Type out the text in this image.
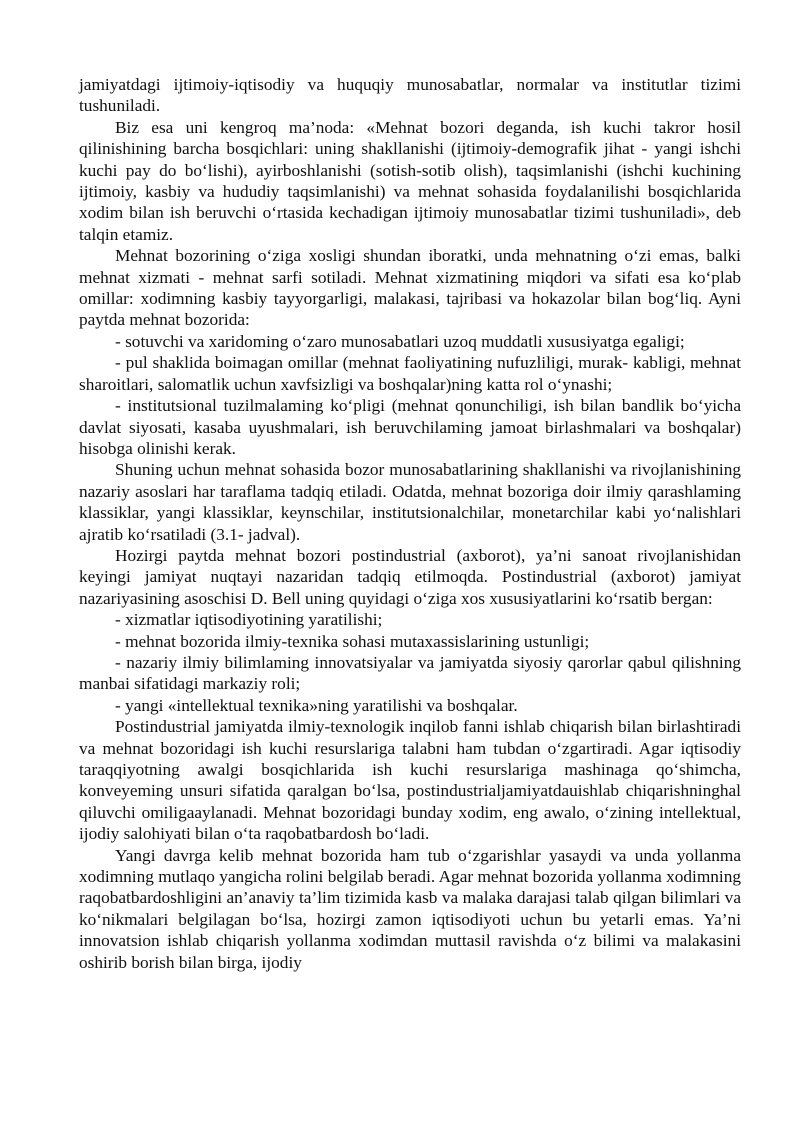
jamiyatdagi ijtimoiy-iqtisodiy va huquqiy munosabatlar, normalar va institutlar tizimi tushuniladi.

Biz esa uni kengroq ma’noda: «Mehnat bozori deganda, ish kuchi takror hosil qilinishining barcha bosqichlari: uning shakllanishi (ijtimoiy-demografik jihat - yangi ishchi kuchi pay do bo‘lishi), ayirboshlanishi (sotish-sotib olish), taqsimlanishi (ishchi kuchining ijtimoiy, kasbiy va hududiy taqsimlanishi) va mehnat sohasida foydalanilishi bosqichlarida xodim bilan ish beruvchi o‘rtasida kechadigan ijtimoiy munosabatlar tizimi tushuniladi», deb talqin etamiz.

Mehnat bozorining o‘ziga xosligi shundan iboratki, unda mehnatning o‘zi emas, balki mehnat xizmati - mehnat sarfi sotiladi. Mehnat xizmatining miqdori va sifati esa ko‘plab omillar: xodimning kasbiy tayyorgarligi, malakasi, tajribasi va hokazolar bilan bog‘liq. Ayni paytda mehnat bozorida:

- sotuvchi va xaridoming o‘zaro munosabatlari uzoq muddatli xususiyatga egaligi;

- pul shaklida boimagan omillar (mehnat faoliyatining nufuzliligi, murak- kabligi, mehnat sharoitlari, salomatlik uchun xavfsizligi va boshqalar)ning katta rol o‘ynashi;

- institutsional tuzilmalaming ko‘pligi (mehnat qonunchiligi, ish bilan bandlik bo‘yicha davlat siyosati, kasaba uyushmalari, ish beruvchilaming jamoat birlashmalari va boshqalar) hisobga olinishi kerak.

Shuning uchun mehnat sohasida bozor munosabatlarining shakllanishi va rivojlanishining nazariy asoslari har taraflama tadqiq etiladi. Odatda, mehnat bozoriga doir ilmiy qarashlaming klassiklar, yangi klassiklar, keynschilar, institutsionalchilar, monetarchilar kabi yo‘nalishlari ajratib ko‘rsatiladi (3.1- jadval).

Hozirgi paytda mehnat bozori postindustrial (axborot), ya’ni sanoat rivojlanishidan keyingi jamiyat nuqtayi nazaridan tadqiq etilmoqda. Postindustrial (axborot) jamiyat nazariyasining asoschisi D. Bell uning quyidagi o‘ziga xos xususiyatlarini ko‘rsatib bergan:

- xizmatlar iqtisodiyotining yaratilishi;

- mehnat bozorida ilmiy-texnika sohasi mutaxassislarining ustunligi;

- nazariy ilmiy bilimlaming innovatsiyalar va jamiyatda siyosiy qarorlar qabul qilishning manbai sifatidagi markaziy roli;

- yangi «intellektual texnika»ning yaratilishi va boshqalar.

Postindustrial jamiyatda ilmiy-texnologik inqilob fanni ishlab chiqarish bilan birlashtiradi va mehnat bozoridagi ish kuchi resurslariga talabni ham tubdan o‘zgartiradi. Agar iqtisodiy taraqqiyotning awalgi bosqichlarida ish kuchi resurslariga mashinaga qo‘shimcha, konveyeming unsuri sifatida qaralgan bo‘lsa, postindustrialjamiyatdauishlab chiqarishninghal qiluvchi omiligaaylanadi. Mehnat bozoridagi bunday xodim, eng awalo, o‘zining intellektual, ijodiy salohiyati bilan o‘ta raqobatbardosh bo‘ladi.

Yangi davrga kelib mehnat bozorida ham tub o‘zgarishlar yasaydi va unda yollanma xodimning mutlaqo yangicha rolini belgilab beradi. Agar mehnat bozorida yollanma xodimning raqobatbardoshligini an’anaviy ta’lim tizimida kasb va malaka darajasi talab qilgan bilimlari va ko‘nikmalari belgilagan bo‘lsa, hozirgi zamon iqtisodiyoti uchun bu yetarli emas. Ya’ni innovatsion ishlab chiqarish yollanma xodimdan muttasil ravishda o‘z bilimi va malakasini oshirib borish bilan birga, ijodiy
